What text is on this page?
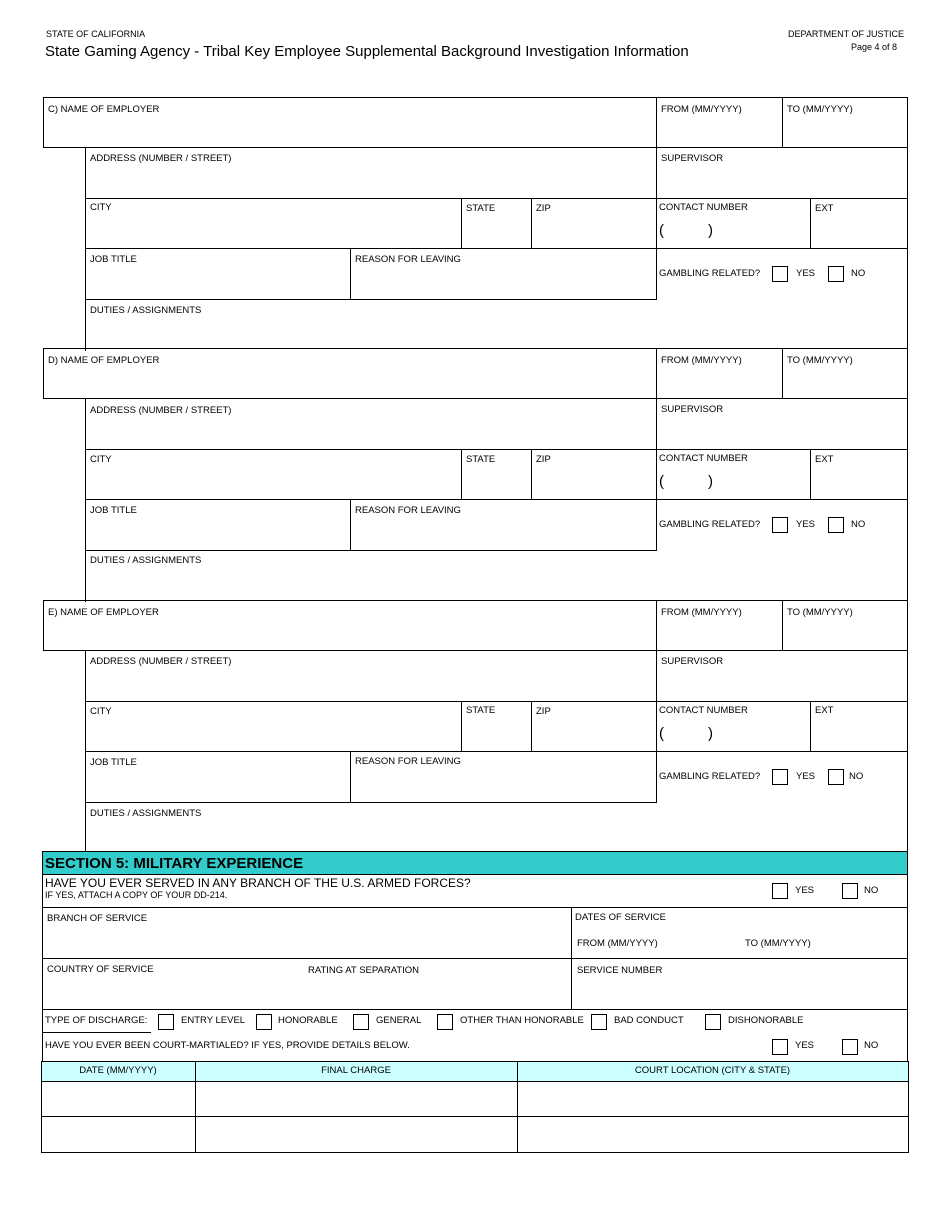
STATE OF CALIFORNIA
State Gaming Agency - Tribal Key Employee Supplemental Background Investigation Information
DEPARTMENT OF JUSTICE
Page 4 of 8
C) NAME OF EMPLOYER	FROM (MM/YYYY)	TO (MM/YYYY)
ADDRESS (NUMBER / STREET)	SUPERVISOR
CITY	STATE	ZIP	CONTACT NUMBER	EXT
(	)
JOB TITLE	REASON FOR LEAVING
GAMBLING RELATED?	YES	NO
DUTIES / ASSIGNMENTS
D) NAME OF EMPLOYER	FROM (MM/YYYY)	TO (MM/YYYY)
ADDRESS (NUMBER / STREET)	SUPERVISOR
CITY	STATE	ZIP	CONTACT NUMBER	EXT
(	)
JOB TITLE	REASON FOR LEAVING
GAMBLING RELATED?	YES	NO
DUTIES / ASSIGNMENTS
E) NAME OF EMPLOYER	FROM (MM/YYYY)	TO (MM/YYYY)
ADDRESS (NUMBER / STREET)	SUPERVISOR
CITY	STATE	ZIP	CONTACT NUMBER	EXT
(	)
JOB TITLE	REASON FOR LEAVING
GAMBLING RELATED?	YES	NO
DUTIES / ASSIGNMENTS
SECTION 5: MILITARY EXPERIENCE
HAVE YOU EVER SERVED IN ANY BRANCH OF THE U.S. ARMED FORCES?
IF YES, ATTACH A COPY OF YOUR DD-214.	YES	NO
BRANCH OF SERVICE	DATES OF SERVICE
FROM (MM/YYYY)	TO (MM/YYYY)
COUNTRY OF SERVICE	RATING AT SEPARATION	SERVICE NUMBER
TYPE OF DISCHARGE:	ENTRY LEVEL	HONORABLE	GENERAL	OTHER THAN HONORABLE	BAD CONDUCT	DISHONORABLE
HAVE YOU EVER BEEN COURT-MARTIALED? IF YES, PROVIDE DETAILS BELOW.	YES	NO
DATE (MM/YYYY)	FINAL CHARGE	COURT LOCATION (CITY & STATE)
